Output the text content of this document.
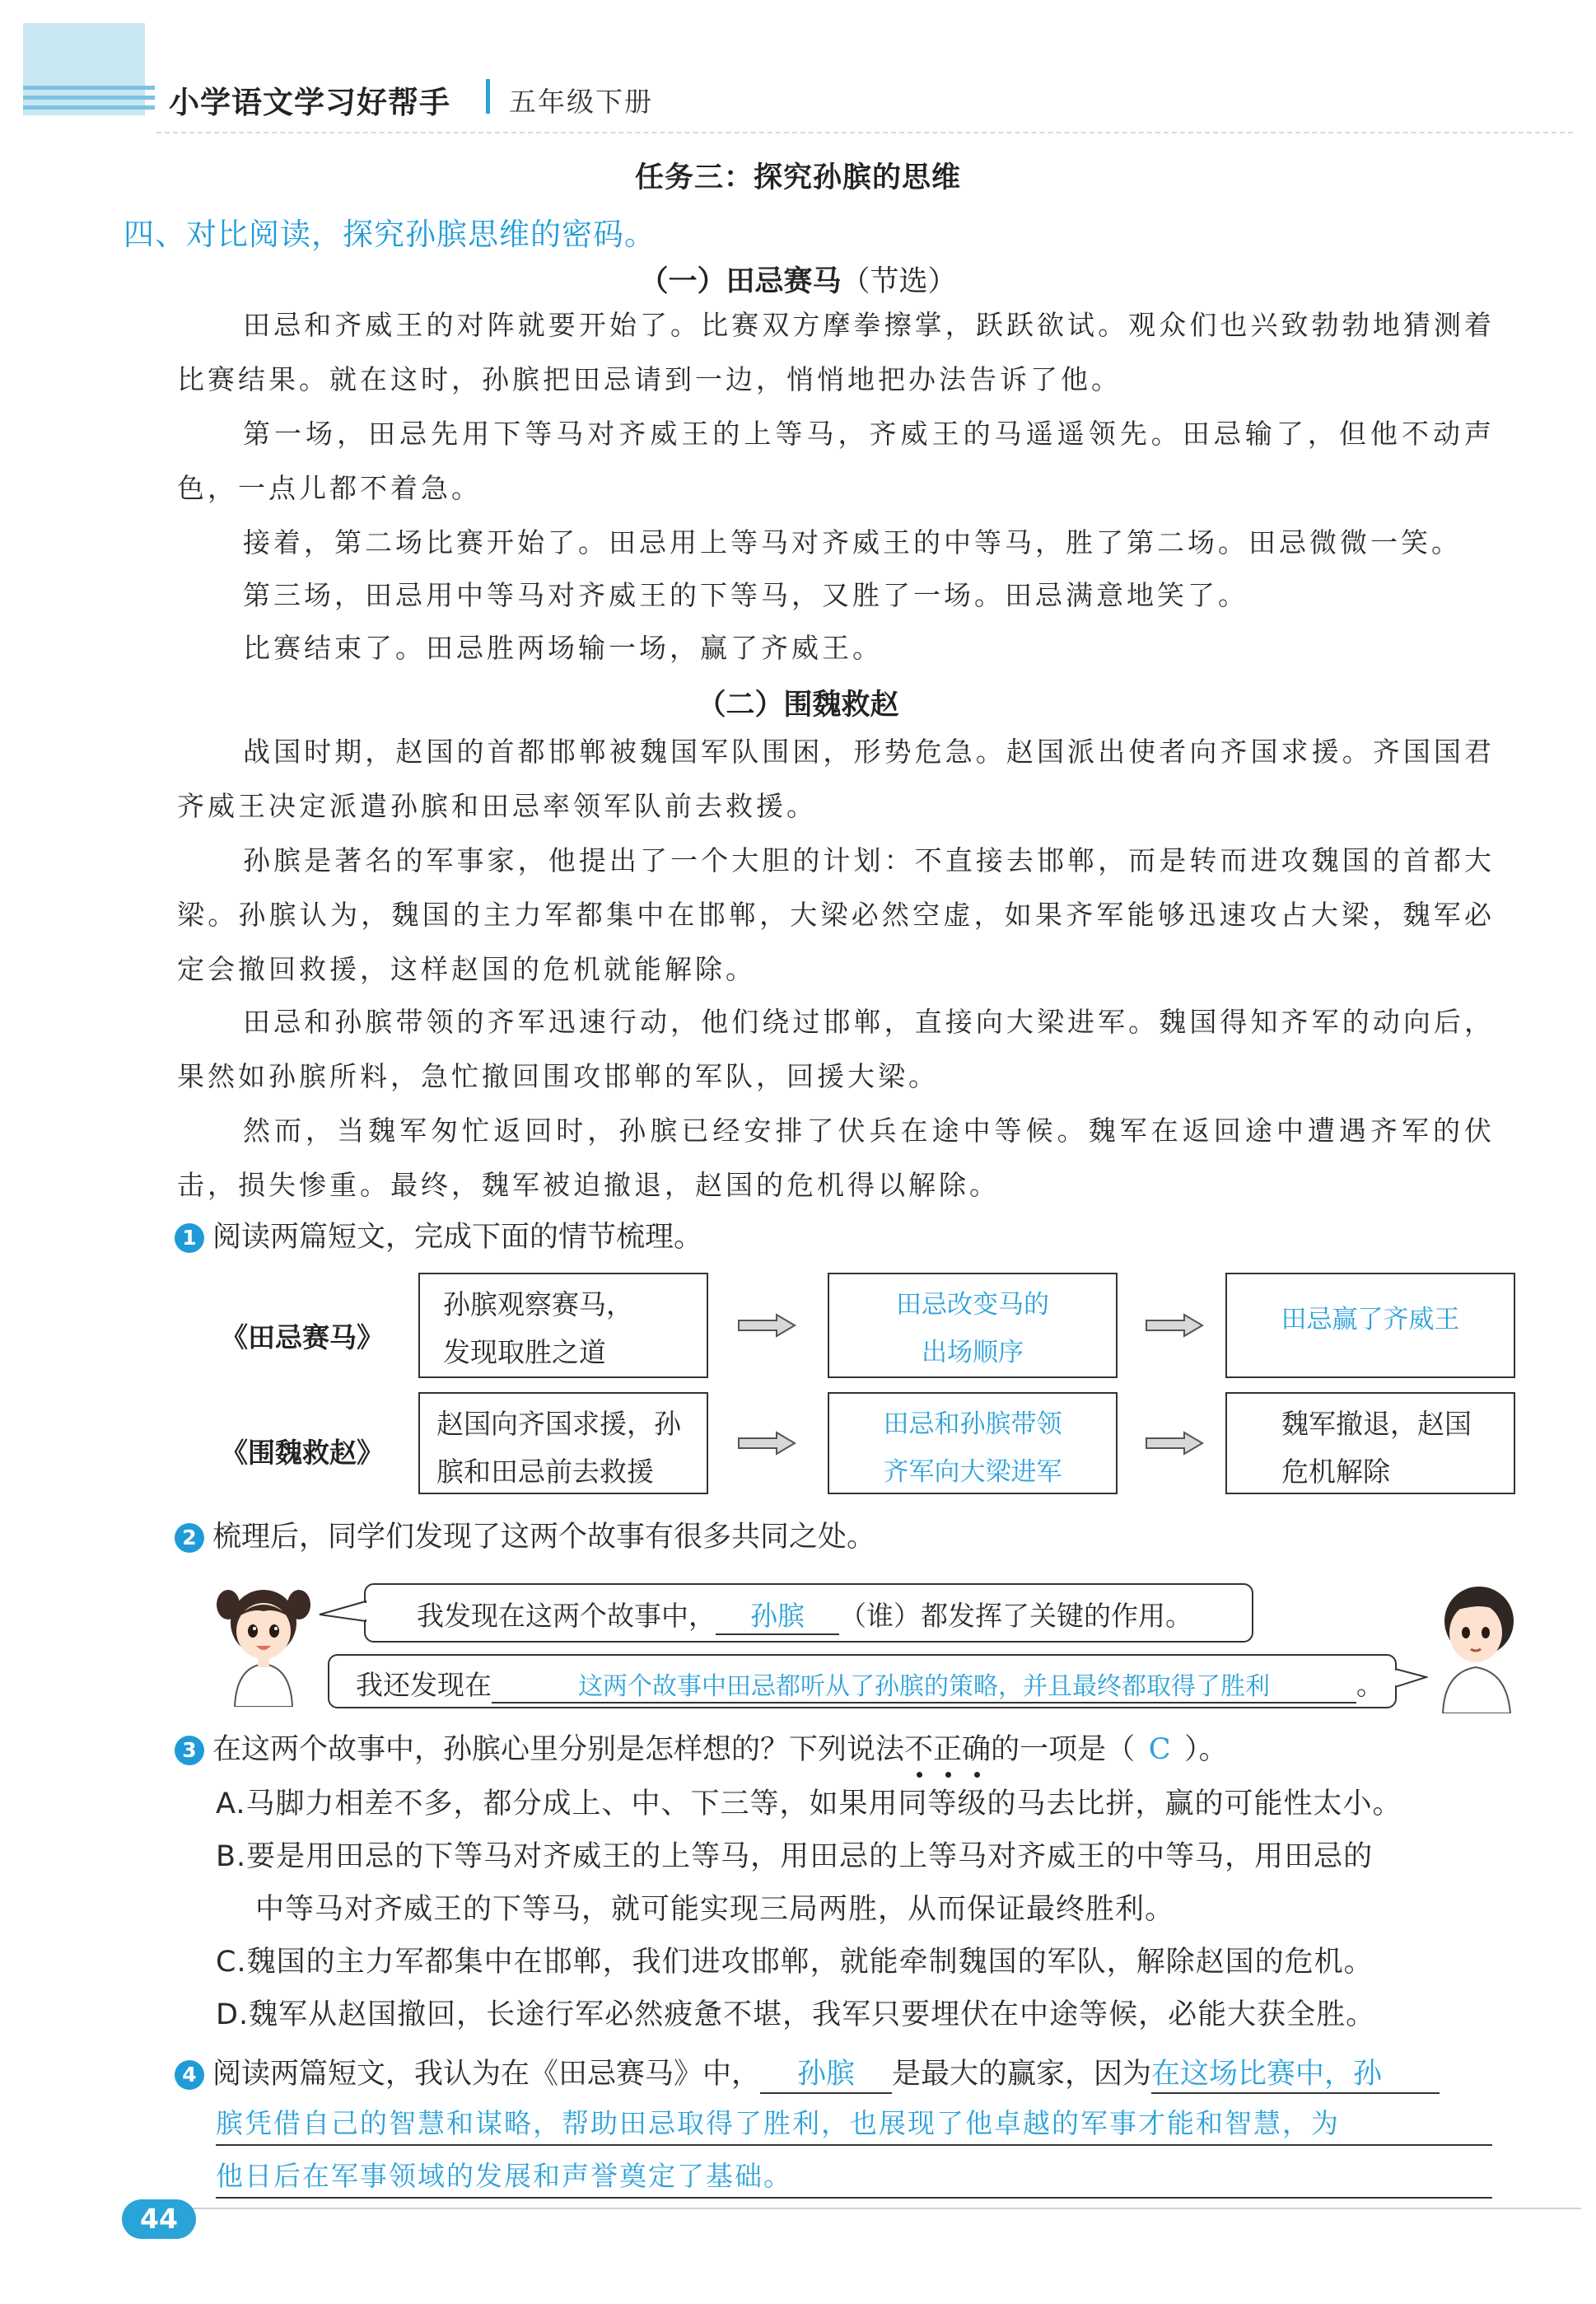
小学语文学习好帮手 五年级下册
任务三：探究孙膑的思维
四、对比阅读，探究孙膑思维的密码。
（一）田忌赛马（节选）
田忌和齐威王的对阵就要开始了。比赛双方摩拳擦掌，跃跃欲试。观众们也兴致勃勃地猜测着比赛结果。就在这时，孙膑把田忌请到一边，悄悄地把办法告诉了他。
第一场，田忌先用下等马对齐威王的上等马，齐威王的马遥遥领先。田忌输了，但他不动声色，一点儿都不着急。
接着，第二场比赛开始了。田忌用上等马对齐威王的中等马，胜了第二场。田忌微微一笑。
第三场，田忌用中等马对齐威王的下等马，又胜了一场。田忌满意地笑了。
比赛结束了。田忌胜两场输一场，赢了齐威王。
（二）围魏救赵
战国时期，赵国的首都邯郸被魏国军队围困，形势危急。赵国派出使者向齐国求援。齐国国君齐威王决定派遣孙膑和田忌率领军队前去救援。
孙膑是著名的军事家，他提出了一个大胆的计划：不直接去邯郸，而是转而进攻魏国的首都大梁。孙膑认为，魏国的主力军都集中在邯郸，大梁必然空虚，如果齐军能够迅速攻占大梁，魏军必定会撤回救援，这样赵国的危机就能解除。
田忌和孙膑带领的齐军迅速行动，他们绕过邯郸，直接向大梁进军。魏国得知齐军的动向后，果然如孙膑所料，急忙撤回围攻邯郸的军队，回援大梁。
然而，当魏军匆忙返回时，孙膑已经安排了伏兵在途中等候。魏军在返回途中遭遇齐军的伏击，损失惨重。最终，魏军被迫撤退，赵国的危机得以解除。
1 阅读两篇短文，完成下面的情节梳理。
《田忌赛马》
孙膑观察赛马，
发现取胜之道
田忌改变马的
出场顺序
田忌赢了齐威王
《围魏救赵》
赵国向齐国求援，孙
膑和田忌前去救援
田忌和孙膑带领
齐军向大梁进军
魏军撤退，赵国
危机解除
2 梳理后，同学们发现了这两个故事有很多共同之处。
我发现在这两个故事中， 孙膑 （谁）都发挥了关键的作用。
我还发现在	这两个故事中田忌都听从了孙膑的策略，并且最终都取得了胜利	。
3 在这两个故事中，孙膑心里分别是怎样想的？下列说法不正确的一项是（ C ）。
A.马脚力相差不多，都分成上、中、下三等，如果用同等级的马去比拼，赢的可能性太小。
B.要是用田忌的下等马对齐威王的上等马，用田忌的上等马对齐威王的中等马，用田忌的
中等马对齐威王的下等马，就可能实现三局两胜，从而保证最终胜利。
C.魏国的主力军都集中在邯郸，我们进攻邯郸，就能牵制魏国的军队，解除赵国的危机。
D.魏军从赵国撤回，长途行军必然疲惫不堪，我军只要埋伏在中途等候，必能大获全胜。
4 阅读两篇短文，我认为在《田忌赛马》中， 孙膑 是最大的赢家，因为在这场比赛中，孙
膑凭借自己的智慧和谋略，帮助田忌取得了胜利，也展现了他卓越的军事才能和智慧，为
他日后在军事领域的发展和声誉奠定了基础。
44
